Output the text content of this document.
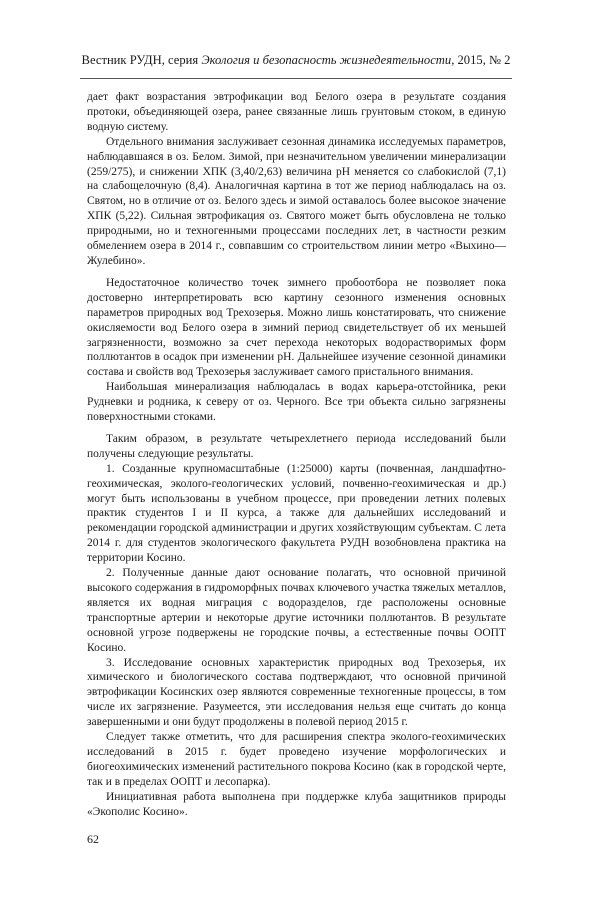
Вестник РУДН, серия Экология и безопасность жизнедеятельности, 2015, № 2

дает факт возрастания эвтрофикации вод Белого озера в результате создания протоки, объединяющей озера, ранее связанные лишь грунтовым стоком, в единую водную систему.

Отдельного внимания заслуживает сезонная динамика исследуемых параметров, наблюдавшаяся в оз. Белом. Зимой, при незначительном увеличении минерализации (259/275), и снижении ХПК (3,40/2,63) величина pH меняется со слабокислой (7,1) на слабощелочную (8,4). Аналогичная картина в тот же период наблюдалась на оз. Святом, но в отличие от оз. Белого здесь и зимой оставалось более высокое значение ХПК (5,22). Сильная эвтрофикация оз. Святого может быть обусловлена не только природными, но и техногенными процессами последних лет, в частности резким обмелением озера в 2014 г., совпавшим со строительством линии метро «Выхино—Жулебино».

Недостаточное количество точек зимнего пробоотбора не позволяет пока достоверно интерпретировать всю картину сезонного изменения основных параметров природных вод Трехозерья. Можно лишь констатировать, что снижение окисляемости вод Белого озера в зимний период свидетельствует об их меньшей загрязненности, возможно за счет перехода некоторых водорастворимых форм поллютантов в осадок при изменении pH. Дальнейшее изучение сезонной динамики состава и свойств вод Трехозерья заслуживает самого пристального внимания.

Наибольшая минерализация наблюдалась в водах карьера-отстойника, реки Рудневки и родника, к северу от оз. Черного. Все три объекта сильно загрязнены поверхностными стоками.

Таким образом, в результате четырехлетнего периода исследований были получены следующие результаты.

1. Созданные крупномасштабные (1:25000) карты (почвенная, ландшафтно-геохимическая, эколого-геологических условий, почвенно-геохимическая и др.) могут быть использованы в учебном процессе, при проведении летних полевых практик студентов I и II курса, а также для дальнейших исследований и рекомендации городской администрации и других хозяйствующим субъектам. С лета 2014 г. для студентов экологического факультета РУДН возобновлена практика на территории Косино.

2. Полученные данные дают основание полагать, что основной причиной высокого содержания в гидроморфных почвах ключевого участка тяжелых металлов, является их водная миграция с водоразделов, где расположены основные транспортные артерии и некоторые другие источники поллютантов. В результате основной угрозе подвержены не городские почвы, а естественные почвы ООПТ Косино.

3. Исследование основных характеристик природных вод Трехозерья, их химического и биологического состава подтверждают, что основной причиной эвтрофикации Косинских озер являются современные техногенные процессы, в том числе их загрязнение. Разумеется, эти исследования нельзя еще считать до конца завершенными и они будут продолжены в полевой период 2015 г.

Следует также отметить, что для расширения спектра эколого-геохимических исследований в 2015 г. будет проведено изучение морфологических и биогеохимических изменений растительного покрова Косино (как в городской черте, так и в пределах ООПТ и лесопарка).

Инициативная работа выполнена при поддержке клуба защитников природы «Экополис Косино».

62
